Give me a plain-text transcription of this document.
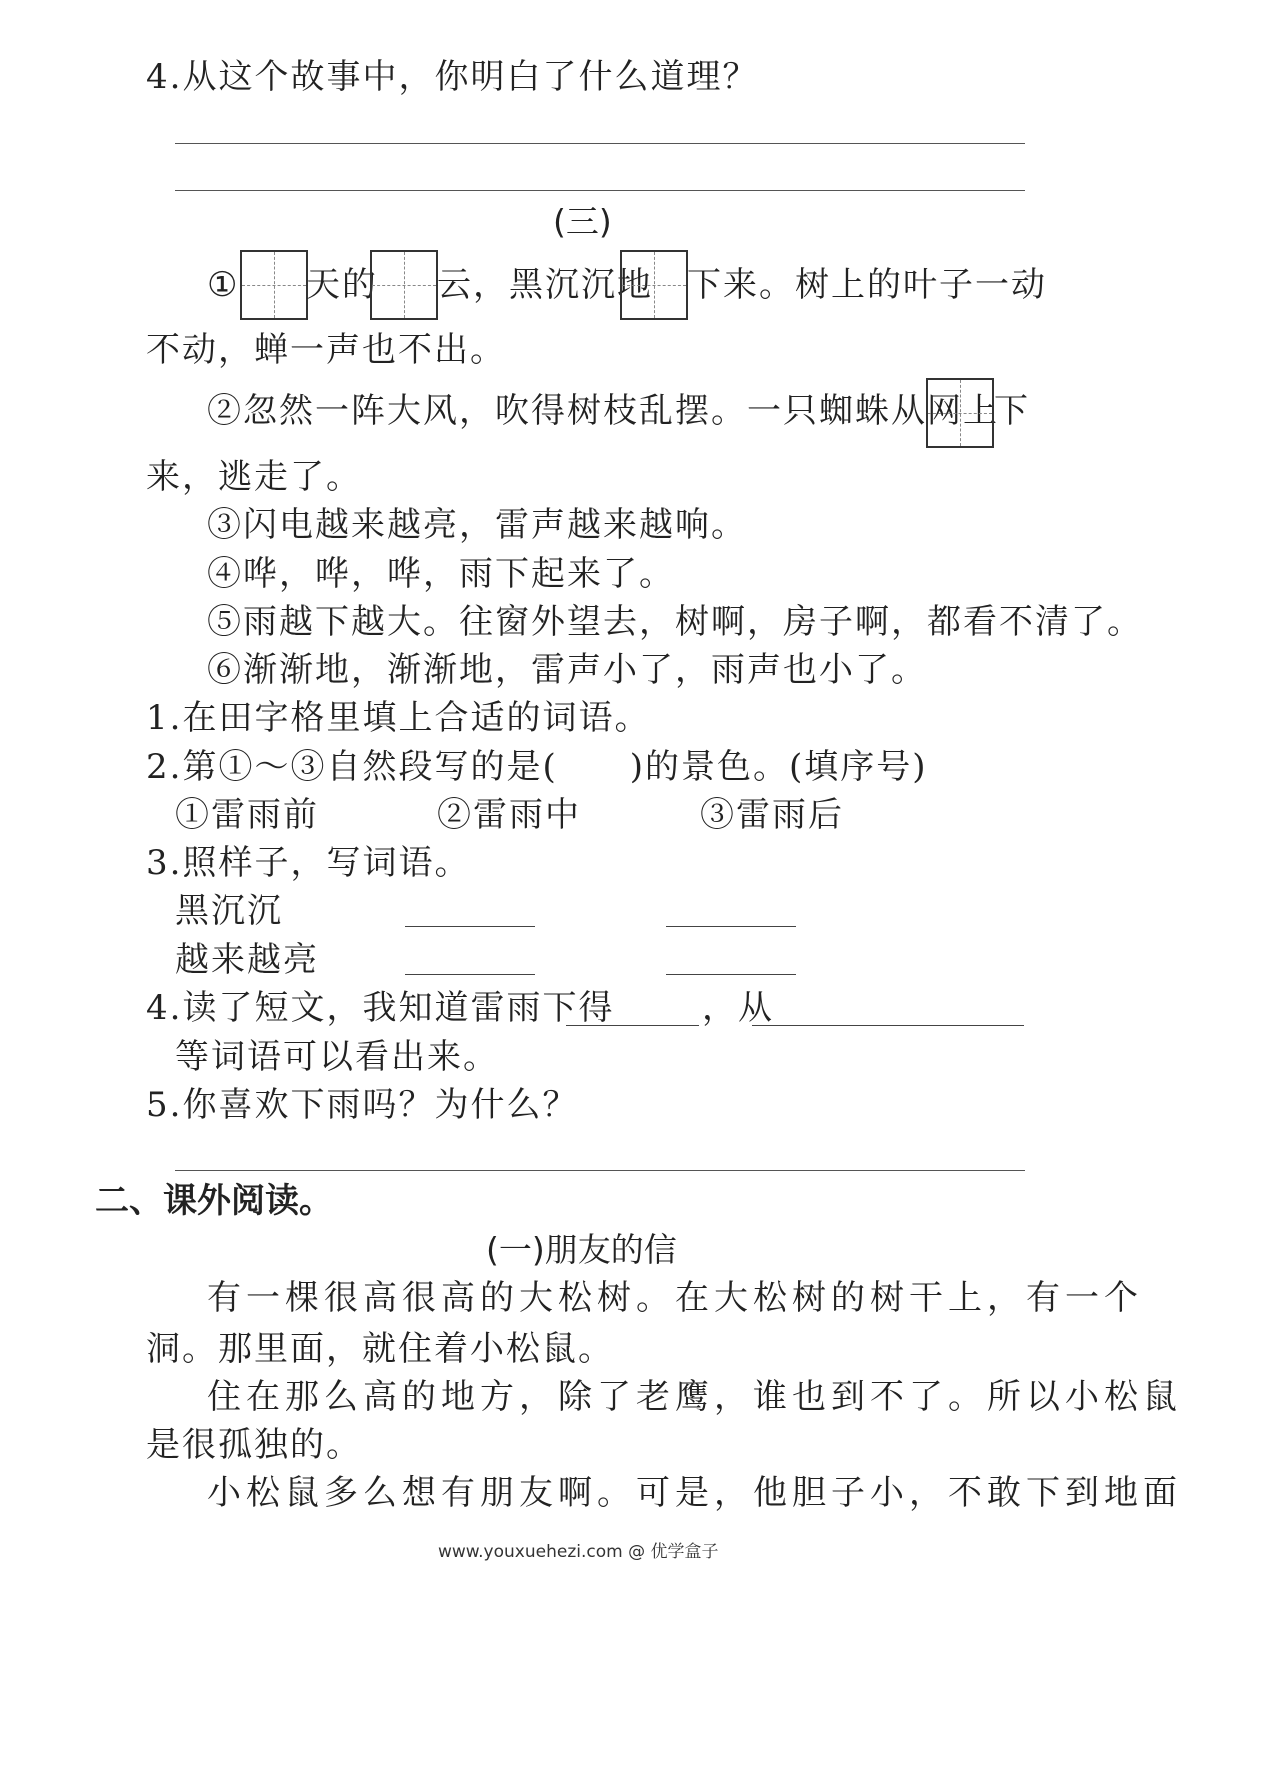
4.从这个故事中，你明白了什么道理？
(三)
① 天的 云，黑沉沉地 下来。树上的叶子一动
不动，蝉一声也不出。
②忽然一阵大风，吹得树枝乱摆。一只蜘蛛从网上
下
来，逃走了。
③闪电越来越亮，雷声越来越响。
④哗，哗，哗，雨下起来了。
⑤雨越下越大。往窗外望去，树啊，房子啊，都看不清了。
⑥渐渐地，渐渐地，雷声小了，雨声也小了。
1.在田字格里填上合适的词语。
2.第①～③自然段写的是(　　)的景色。(填序号)
①雷雨前	②雷雨中	③雷雨后
3.照样子，写词语。
黑沉沉
越来越亮
4.读了短文，我知道雷雨下得	，从
等词语可以看出来。
5.你喜欢下雨吗？为什么？
二、课外阅读。
(一)朋友的信
有一棵很高很高的大松树。在大松树的树干上，有一个
洞。那里面，就住着小松鼠。
住在那么高的地方，除了老鹰，谁也到不了。所以小松鼠
是很孤独的。
小松鼠多么想有朋友啊。可是，他胆子小，不敢下到地面
www.youxuehezi.com @ 优学盒子
